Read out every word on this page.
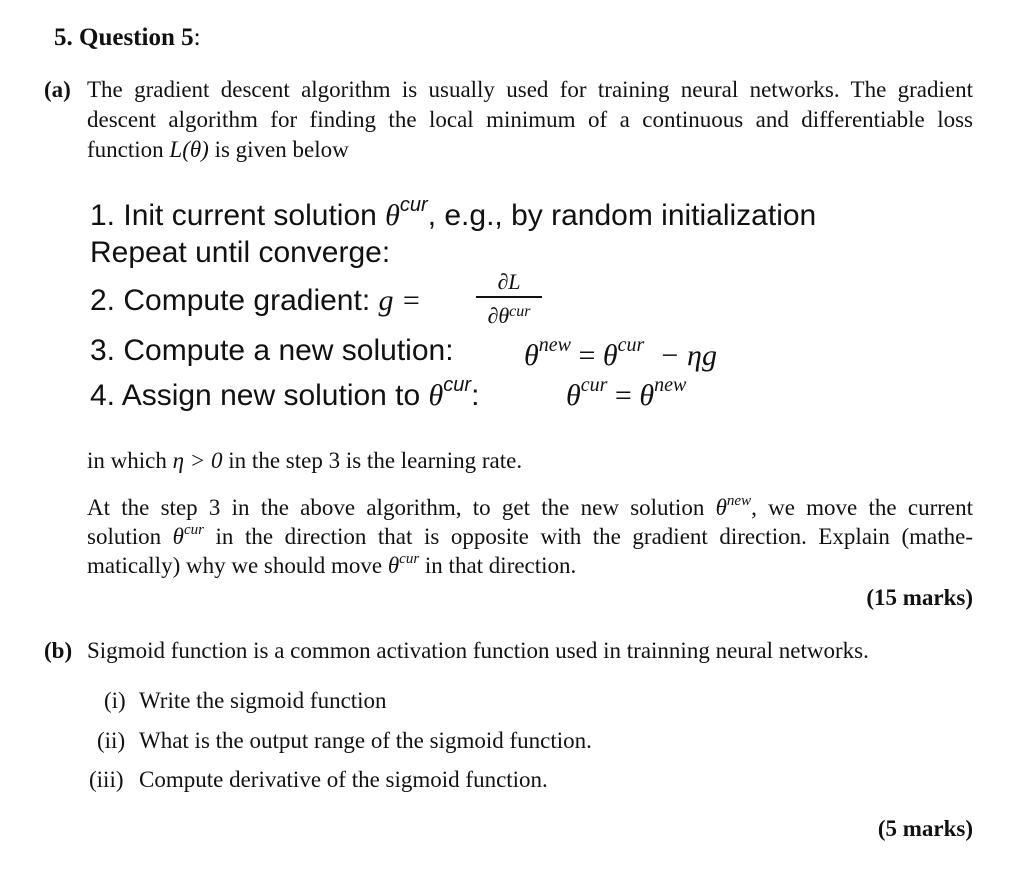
5. Question 5:
(a) The gradient descent algorithm is usually used for training neural networks. The gradient
descent algorithm for finding the local minimum of a continuous and differentiable loss
function L(θ) is given below
1. Init current solution $\theta^{cur}$, e.g., by random initialization
Repeat until converge:
2. Compute gradient: g =
∂L
$\partial\theta^{cur}$
3. Compute a new solution: $\theta^{new} = \theta^{cur} - \eta g$
4. Assign new solution to $\theta^{cur}$:	$\theta^{cur} = \theta^{new}$
in which η > 0 in the step 3 is the learning rate.
At the step 3 in the above algorithm, to get the new solution $\theta^{new}$, we move the current
solution $\theta^{cur}$ in the direction that is opposite with the gradient direction. Explain (mathe-
matically) why we should move $\theta^{cur}$ in that direction.
(15 marks)
(b) Sigmoid function is a common activation function used in trainning neural networks.
(i) Write the sigmoid function
(ii) What is the output range of the sigmoid function.
(iii) Compute derivative of the sigmoid function.
(5 marks)
